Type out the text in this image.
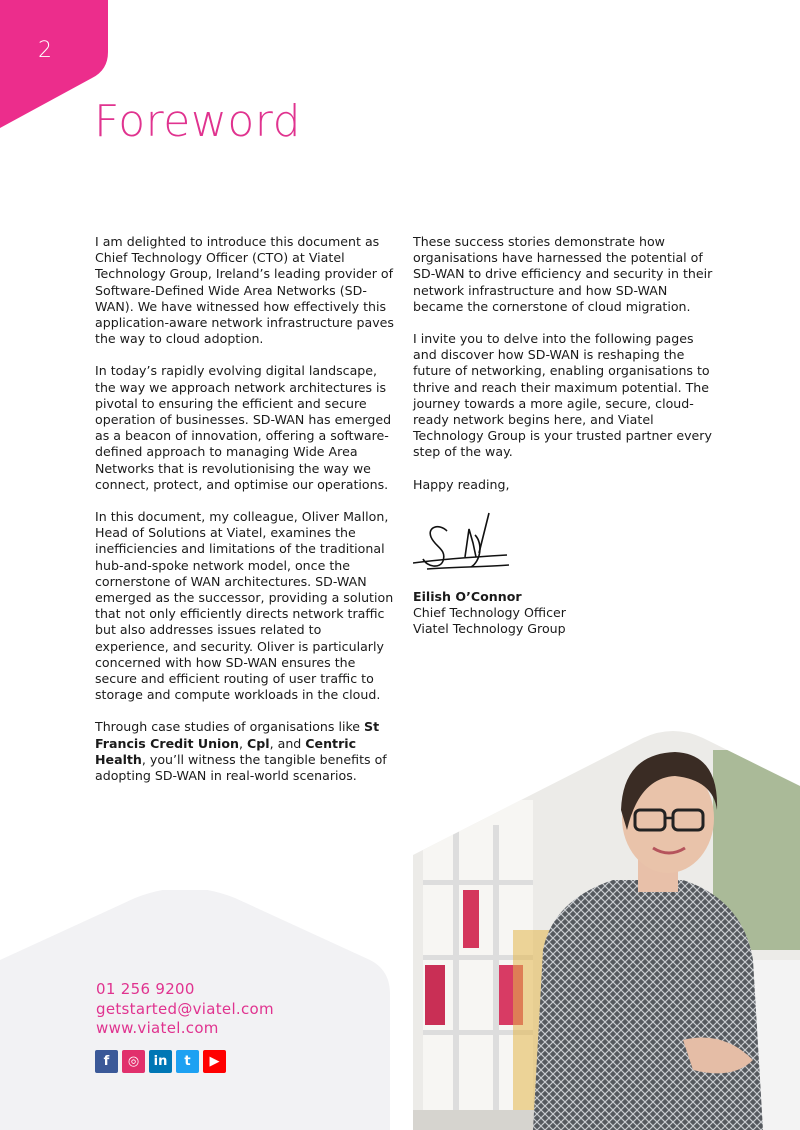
2
Foreword

I am delighted to introduce this document as Chief Technology Officer (CTO) at Viatel Technology Group, Ireland’s leading provider of Software-Defined Wide Area Networks (SD-WAN). We have witnessed how effectively this application-aware network infrastructure paves the way to cloud adoption.

In today’s rapidly evolving digital landscape, the way we approach network architectures is pivotal to ensuring the efficient and secure operation of businesses. SD-WAN has emerged as a beacon of innovation, offering a software-defined approach to managing Wide Area Networks that is revolutionising the way we connect, protect, and optimise our operations.

In this document, my colleague, Oliver Mallon, Head of Solutions at Viatel, examines the inefficiencies and limitations of the traditional hub-and-spoke network model, once the cornerstone of WAN architectures. SD-WAN emerged as the successor, providing a solution that not only efficiently directs network traffic but also addresses issues related to experience, and security. Oliver is particularly concerned with how SD-WAN ensures the secure and efficient routing of user traffic to storage and compute workloads in the cloud.

Through case studies of organisations like St Francis Credit Union, Cpl, and Centric Health, you’ll witness the tangible benefits of adopting SD-WAN in real-world scenarios.

These success stories demonstrate how organisations have harnessed the potential of SD-WAN to drive efficiency and security in their network infrastructure and how SD-WAN became the cornerstone of cloud migration.

I invite you to delve into the following pages and discover how SD-WAN is reshaping the future of networking, enabling organisations to thrive and reach their maximum potential. The journey towards a more agile, secure, cloud-ready network begins here, and Viatel Technology Group is your trusted partner every step of the way.

Happy reading,

Eilish O’Connor
Chief Technology Officer
Viatel Technology Group
01 256 9200
getstarted@viatel.com
www.viatel.com
f	◎	in	t	▶
